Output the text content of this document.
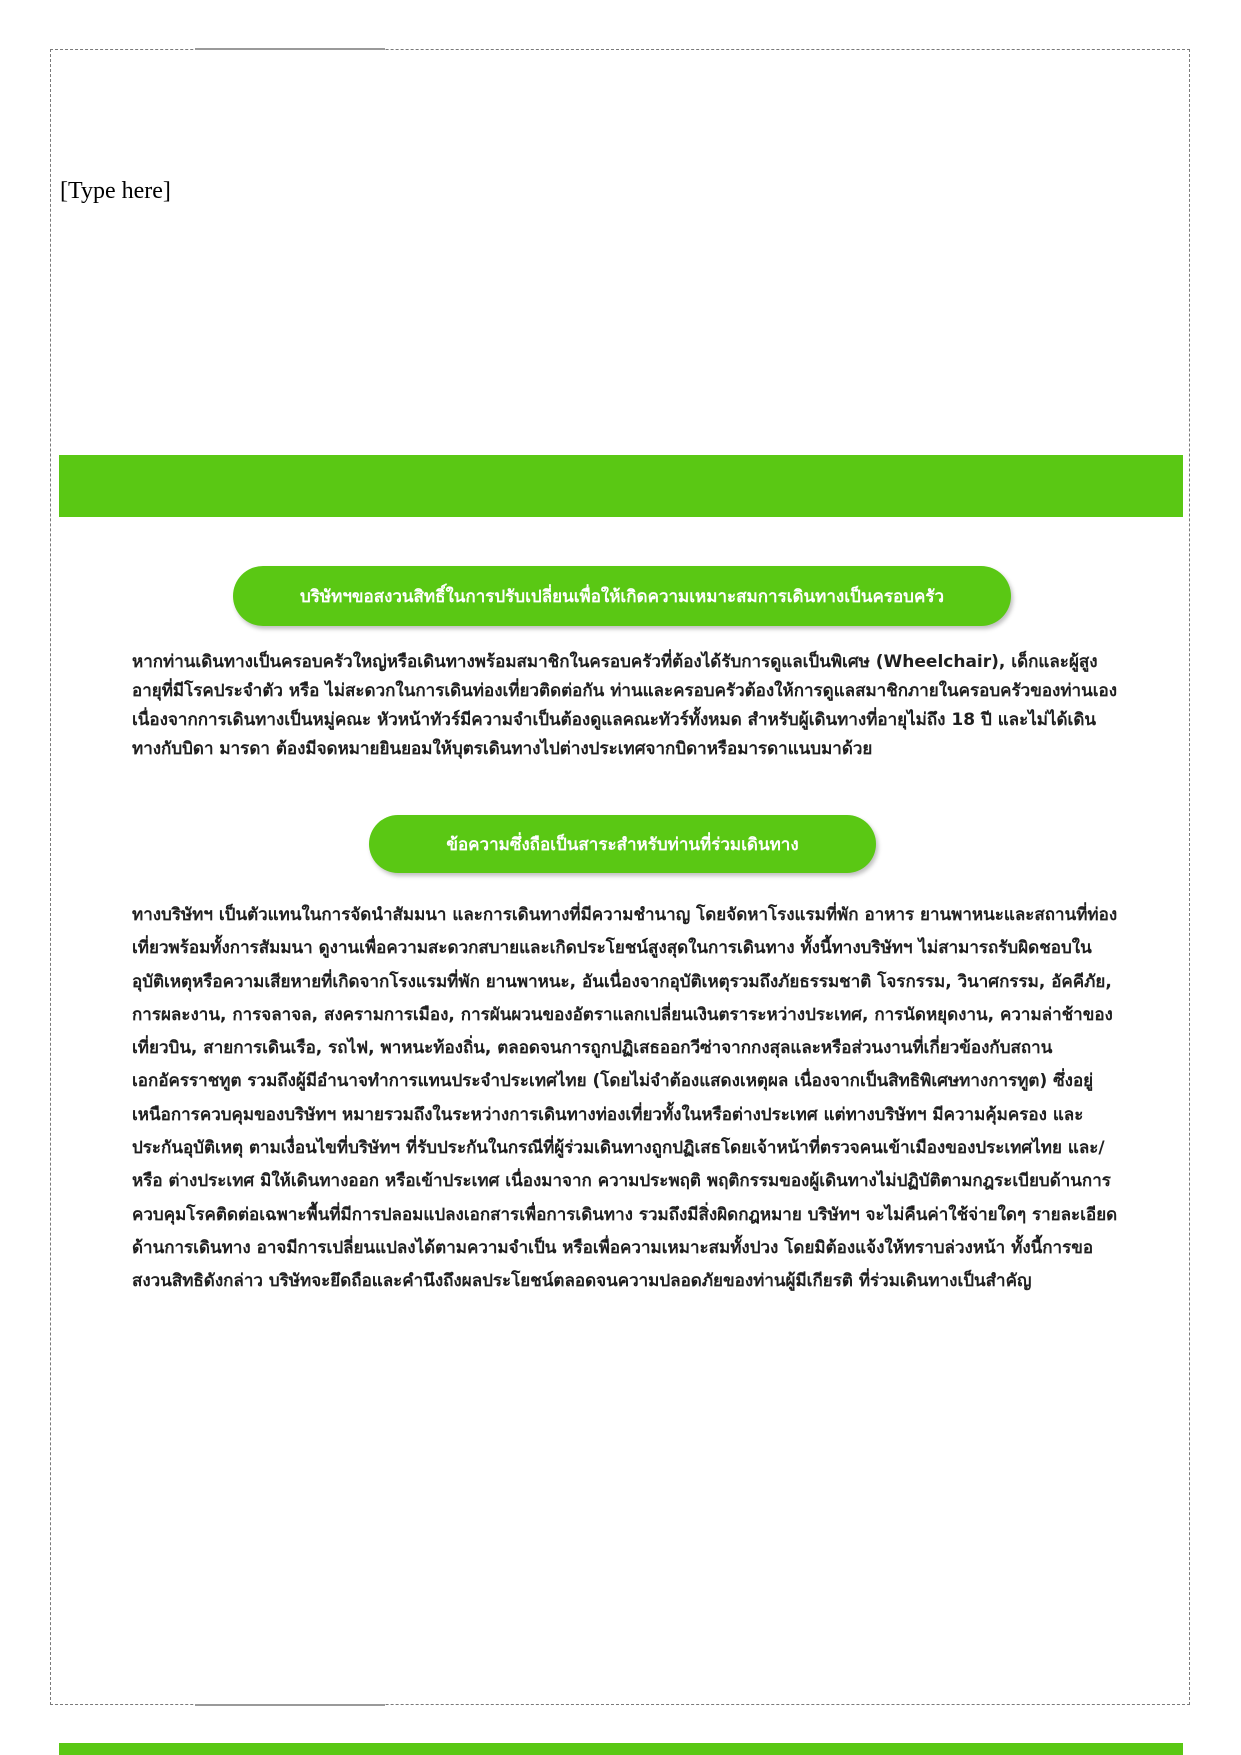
[Type here]
บริษัทฯขอสงวนสิทธิ์ในการปรับเปลี่ยนเพื่อให้เกิดความเหมาะสมการเดินทางเป็นครอบครัว

หากท่านเดินทางเป็นครอบครัวใหญ่หรือเดินทางพร้อมสมาชิกในครอบครัวที่ต้องได้รับการดูแลเป็นพิเศษ (Wheelchair), เด็กและผู้สูงอายุที่มีโรคประจำตัว หรือ ไม่สะดวกในการเดินท่องเที่ยวติดต่อกัน ท่านและครอบครัวต้องให้การดูแลสมาชิกภายในครอบครัวของท่านเอง เนื่องจากการเดินทางเป็นหมู่คณะ หัวหน้าทัวร์มีความจำเป็นต้องดูแลคณะทัวร์ทั้งหมด สำหรับผู้เดินทางที่อายุไม่ถึง 18 ปี และไม่ได้เดินทางกับบิดา มารดา ต้องมีจดหมายยินยอมให้บุตรเดินทางไปต่างประเทศจากบิดาหรือมารดาแนบมาด้วย

ข้อความซึ่งถือเป็นสาระสำหรับท่านที่ร่วมเดินทาง

ทางบริษัทฯ เป็นตัวแทนในการจัดนำสัมมนา และการเดินทางที่มีความชำนาญ โดยจัดหาโรงแรมที่พัก อาหาร ยานพาหนะและสถานที่ท่องเที่ยวพร้อมทั้งการสัมมนา ดูงานเพื่อความสะดวกสบายและเกิดประโยชน์สูงสุดในการเดินทาง ทั้งนี้ทางบริษัทฯ ไม่สามารถรับผิดชอบในอุบัติเหตุหรือความเสียหายที่เกิดจากโรงแรมที่พัก ยานพาหนะ, อันเนื่องจากอุบัติเหตุรวมถึงภัยธรรมชาติ โจรกรรม, วินาศกรรม, อัคคีภัย, การผละงาน, การจลาจล, สงครามการเมือง, การผันผวนของอัตราแลกเปลี่ยนเงินตราระหว่างประเทศ, การนัดหยุดงาน, ความล่าช้าของเที่ยวบิน, สายการเดินเรือ, รถไฟ, พาหนะท้องถิ่น, ตลอดจนการถูกปฏิเสธออกวีซ่าจากกงสุลและหรือส่วนงานที่เกี่ยวข้องกับสถานเอกอัครราชทูต รวมถึงผู้มีอำนาจทำการแทนประจำประเทศไทย (โดยไม่จำต้องแสดงเหตุผล เนื่องจากเป็นสิทธิพิเศษทางการทูต) ซึ่งอยู่เหนือการควบคุมของบริษัทฯ หมายรวมถึงในระหว่างการเดินทางท่องเที่ยวทั้งในหรือต่างประเทศ แต่ทางบริษัทฯ มีความคุ้มครอง และประกันอุบัติเหตุ ตามเงื่อนไขที่บริษัทฯ ที่รับประกันในกรณีที่ผู้ร่วมเดินทางถูกปฏิเสธโดยเจ้าหน้าที่ตรวจคนเข้าเมืองของประเทศไทย และ/หรือ ต่างประเทศ มิให้เดินทางออก หรือเข้าประเทศ เนื่องมาจาก ความประพฤติ พฤติกรรมของผู้เดินทางไม่ปฏิบัติตามกฎระเบียบด้านการควบคุมโรคติดต่อเฉพาะพื้นที่มีการปลอมแปลงเอกสารเพื่อการเดินทาง รวมถึงมีสิ่งผิดกฎหมาย บริษัทฯ จะไม่คืนค่าใช้จ่ายใดๆ รายละเอียดด้านการเดินทาง อาจมีการเปลี่ยนแปลงได้ตามความจำเป็น หรือเพื่อความเหมาะสมทั้งปวง โดยมิต้องแจ้งให้ทราบล่วงหน้า ทั้งนี้การขอสงวนสิทธิดังกล่าว บริษัทจะยึดถือและคำนึงถึงผลประโยชน์ตลอดจนความปลอดภัยของท่านผู้มีเกียรติ ที่ร่วมเดินทางเป็นสำคัญ
